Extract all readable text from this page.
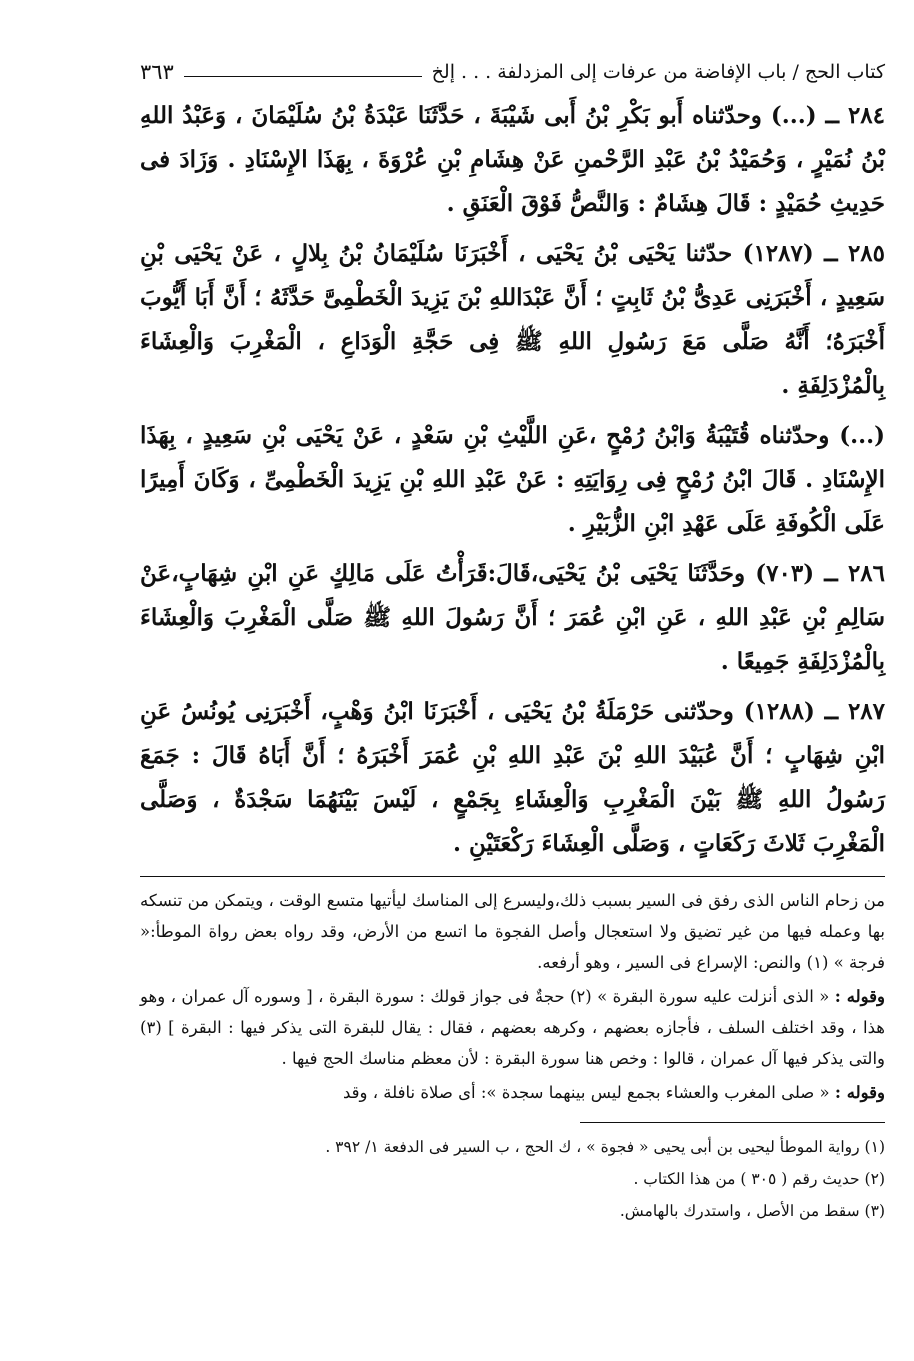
كتاب الحج / باب الإفاضة من عرفات إلى المزدلفة . . . إلخ
٣٦٣

٢٨٤ ــ (...) وحدّثناه أَبو بَكْرِ بْنُ أَبى شَيْبَةَ ، حَدَّثَنَا عَبْدَةُ بْنُ سُلَيْمَانَ ، وَعَبْدُ اللهِ بْنُ نُمَيْرٍ ، وَحُمَيْدُ بْنُ عَبْدِ الرَّحْمنِ عَنْ هِشَامِ بْنِ عُرْوَةَ ، بِهَذَا الإِسْنَادِ . وَزَادَ فى حَدِيثِ حُمَيْدٍ : قَالَ هِشَامٌ : وَالنَّصُّ فَوْقَ الْعَنَقِ .

٢٨٥ ــ (١٢٨٧) حدّثنا يَحْيَى بْنُ يَحْيَى ، أَخْبَرَنَا سُلَيْمَانُ بْنُ بِلالٍ ، عَنْ يَحْيَى بْنِ سَعِيدٍ ، أَخْبَرَنِى عَدِىُّ بْنُ ثَابِتٍ ؛ أَنَّ عَبْدَاللهِ بْنَ يَزِيدَ الْخَطْمِىَّ حَدَّثَهُ ؛ أَنَّ أَبَا أَيُّوبَ أَخْبَرَهُ؛ أَنَّهُ صَلَّى مَعَ رَسُولِ اللهِ ﷺ فِى حَجَّةِ الْوَدَاعِ ، الْمَغْرِبَ وَالْعِشَاءَ بِالْمُزْدَلِفَةِ .

(...) وحدّثناه قُتَيْبَةُ وَابْنُ رُمْحٍ ،عَنِ اللَّيْثِ بْنِ سَعْدٍ ، عَنْ يَحْيَى بْنِ سَعِيدٍ ، بِهَذَا الإِسْنَادِ . قَالَ ابْنُ رُمْحٍ فِى رِوَايَتِهِ : عَنْ عَبْدِ اللهِ بْنِ يَزِيدَ الْخَطْمِىِّ ، وَكَانَ أَمِيرًا عَلَى الْكُوفَةِ عَلَى عَهْدِ ابْنِ الزُّبَيْرِ .

٢٨٦ ــ (٧٠٣) وحَدَّثَنَا يَحْيَى بْنُ يَحْيَى،قَالَ:قَرَأْتُ عَلَى مَالِكٍ عَنِ ابْنِ شِهَابٍ،عَنْ سَالِمِ بْنِ عَبْدِ اللهِ ، عَنِ ابْنِ عُمَرَ ؛ أَنَّ رَسُولَ اللهِ ﷺ صَلَّى الْمَغْرِبَ وَالْعِشَاءَ بِالْمُزْدَلِفَةِ جَمِيعًا .

٢٨٧ ــ (١٢٨٨) وحدّثنى حَرْمَلَةُ بْنُ يَحْيَى ، أَخْبَرَنَا ابْنُ وَهْبٍ، أَخْبَرَنِى يُونُسُ عَنِ ابْنِ شِهَابٍ ؛ أَنَّ عُبَيْدَ اللهِ بْنَ عَبْدِ اللهِ بْنِ عُمَرَ أَخْبَرَهُ ؛ أَنَّ أَبَاهُ قَالَ : جَمَعَ رَسُولُ اللهِ ﷺ بَيْنَ الْمَغْرِبِ وَالْعِشَاءِ بِجَمْعٍ ، لَيْسَ بَيْنَهُمَا سَجْدَةٌ ، وَصَلَّى الْمَغْرِبَ ثَلاثَ رَكَعَاتٍ ، وَصَلَّى الْعِشَاءَ رَكْعَتَيْنِ .

من زحام الناس الذى رفق فى السير بسبب ذلك،وليسرع إلى المناسك ليأتيها متسع الوقت ، ويتمكن من تنسكه بها وعمله فيها من غير تضيق ولا استعجال وأصل الفجوة ما اتسع من الأرض، وقد رواه بعض رواة الموطأ:« فرجة » (١) والنص: الإسراع فى السير ، وهو أرفعه.

وقوله : « الذى أنزلت عليه سورة البقرة » (٢) حجةٌ فى جواز قولك : سورة البقرة ، [ وسوره آل عمران ، وهو هذا ، وقد اختلف السلف ، فأجازه بعضهم ، وكرهه بعضهم ، فقال : يقال للبقرة التى يذكر فيها : البقرة ] (٣) والتى يذكر فيها آل عمران ، قالوا : وخص هنا سورة البقرة : لأن معظم مناسك الحج فيها .

وقوله : « صلى المغرب والعشاء بجمع ليس بينهما سجدة »: أى صلاة نافلة ، وقد

(١) رواية الموطأ ليحيى بن أبى يحيى « فجوة » ، ك الحج ، ب السير فى الدفعة ١/ ٣٩٢ .

(٢) حديث رقم ( ٣٠٥ ) من هذا الكتاب .

(٣) سقط من الأصل ، واستدرك بالهامش.
